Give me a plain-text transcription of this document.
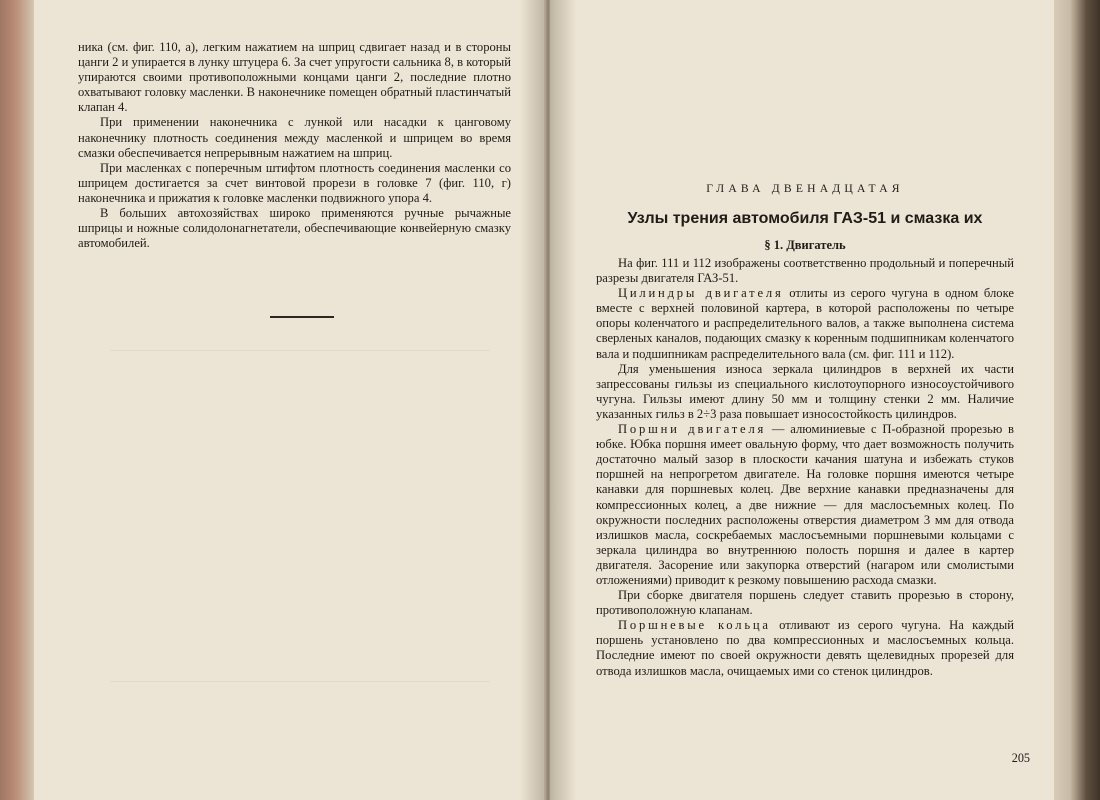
ника (см. фиг. 110, а), легким нажатием на шприц сдвигает назад и в стороны цанги 2 и упирается в лунку штуцера 6. За счет упругости сальника 8, в который упираются своими противоположными концами цанги 2, последние плотно охватывают головку масленки. В наконечнике помещен обратный пластинчатый клапан 4.

При применении наконечника с лункой или насадки к цанговому наконечнику плотность соединения между масленкой и шприцем во время смазки обеспечивается непрерывным нажатием на шприц.

При масленках с поперечным штифтом плотность соединения масленки со шприцем достигается за счет винтовой прорези в головке 7 (фиг. 110, г) наконечника и прижатия к головке масленки подвижного упора 4.

В больших автохозяйствах широко применяются ручные рычажные шприцы и ножные солидолонагнетатели, обеспечивающие конвейерную смазку автомобилей.

ГЛАВА ДВЕНАДЦАТАЯ
Узлы трения автомобиля ГАЗ-51 и смазка их
§ 1. Двигатель

На фиг. 111 и 112 изображены соответственно продольный и поперечный разрезы двигателя ГАЗ-51.

Цилиндры двигателя отлиты из серого чугуна в одном блоке вместе с верхней половиной картера, в которой расположены по четыре опоры коленчатого и распределительного валов, а также выполнена система сверленых каналов, подающих смазку к коренным подшипникам коленчатого вала и подшипникам распределительного вала (см. фиг. 111 и 112).

Для уменьшения износа зеркала цилиндров в верхней их части запрессованы гильзы из специального кислотоупорного износоустойчивого чугуна. Гильзы имеют длину 50 мм и толщину стенки 2 мм. Наличие указанных гильз в 2÷3 раза повышает износостойкость цилиндров.

Поршни двигателя — алюминиевые с П-образной прорезью в юбке. Юбка поршня имеет овальную форму, что дает возможность получить достаточно малый зазор в плоскости качания шатуна и избежать стуков поршней на непрогретом двигателе. На головке поршня имеются четыре канавки для поршневых колец. Две верхние канавки предназначены для компрессионных колец, а две нижние — для маслосъемных колец. По окружности последних расположены отверстия диаметром 3 мм для отвода излишков масла, соскребаемых маслосъемными поршневыми кольцами с зеркала цилиндра во внутреннюю полость поршня и далее в картер двигателя. Засорение или закупорка отверстий (нагаром или смолистыми отложениями) приводит к резкому повышению расхода смазки.

При сборке двигателя поршень следует ставить прорезью в сторону, противоположную клапанам.

Поршневые кольца отливают из серого чугуна. На каждый поршень установлено по два компрессионных и маслосъемных кольца. Последние имеют по своей окружности девять щелевидных прорезей для отвода излишков масла, очищаемых ими со стенок цилиндров.

205
